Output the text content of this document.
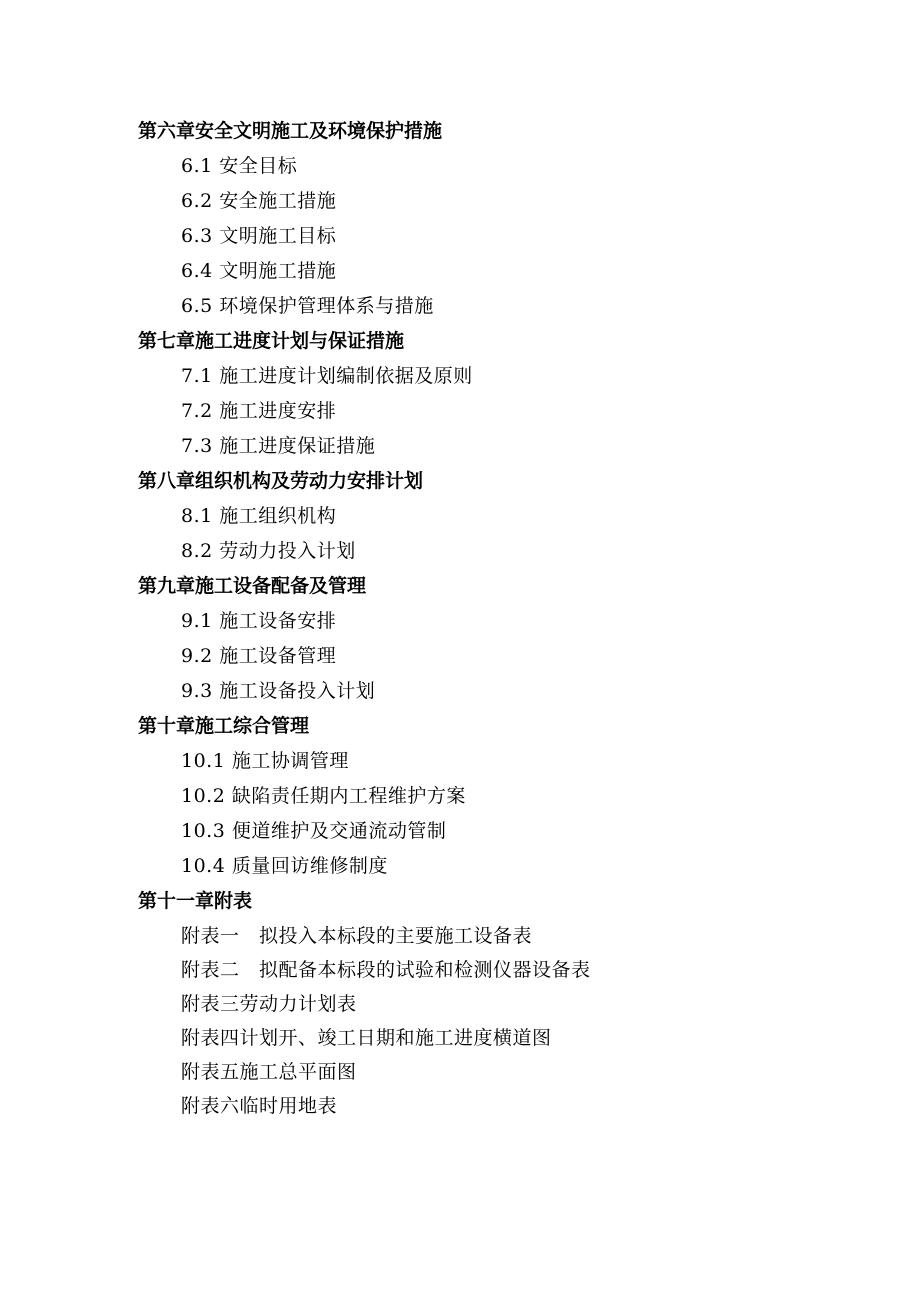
第六章安全文明施工及环境保护措施
6.1 安全目标
6.2 安全施工措施
6.3 文明施工目标
6.4 文明施工措施
6.5 环境保护管理体系与措施
第七章施工进度计划与保证措施
7.1 施工进度计划编制依据及原则
7.2 施工进度安排
7.3 施工进度保证措施
第八章组织机构及劳动力安排计划
8.1 施工组织机构
8.2 劳动力投入计划
第九章施工设备配备及管理
9.1 施工设备安排
9.2 施工设备管理
9.3 施工设备投入计划
第十章施工综合管理
10.1 施工协调管理
10.2 缺陷责任期内工程维护方案
10.3 便道维护及交通流动管制
10.4 质量回访维修制度
第十一章附表
附表一　拟投入本标段的主要施工设备表
附表二　拟配备本标段的试验和检测仪器设备表
附表三劳动力计划表
附表四计划开、竣工日期和施工进度横道图
附表五施工总平面图
附表六临时用地表
